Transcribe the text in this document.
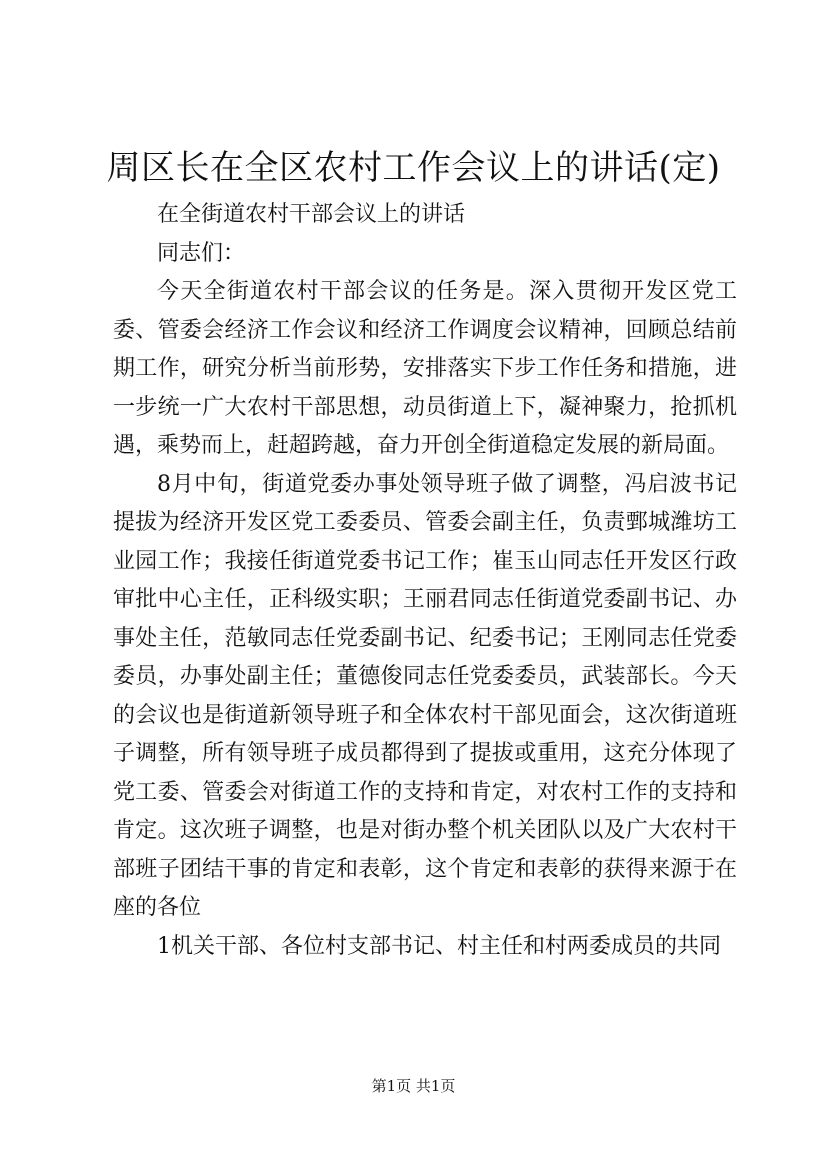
周区长在全区农村工作会议上的讲话(定)

在全街道农村干部会议上的讲话

同志们：

今天全街道农村干部会议的任务是。深入贯彻开发区党工委、管委会经济工作会议和经济工作调度会议精神，回顾总结前期工作，研究分析当前形势，安排落实下步工作任务和措施，进一步统一广大农村干部思想，动员街道上下，凝神聚力，抢抓机遇，乘势而上，赶超跨越，奋力开创全街道稳定发展的新局面。

8月中旬，街道党委办事处领导班子做了调整，冯启波书记提拔为经济开发区党工委委员、管委会副主任，负责鄄城潍坊工业园工作；我接任街道党委书记工作；崔玉山同志任开发区行政审批中心主任，正科级实职；王丽君同志任街道党委副书记、办事处主任，范敏同志任党委副书记、纪委书记；王刚同志任党委委员，办事处副主任；董德俊同志任党委委员，武装部长。今天的会议也是街道新领导班子和全体农村干部见面会，这次街道班子调整，所有领导班子成员都得到了提拔或重用，这充分体现了党工委、管委会对街道工作的支持和肯定，对农村工作的支持和肯定。这次班子调整，也是对街办整个机关团队以及广大农村干部班子团结干事的肯定和表彰，这个肯定和表彰的获得来源于在座的各位

1机关干部、各位村支部书记、村主任和村两委成员的共同

第1页 共1页
